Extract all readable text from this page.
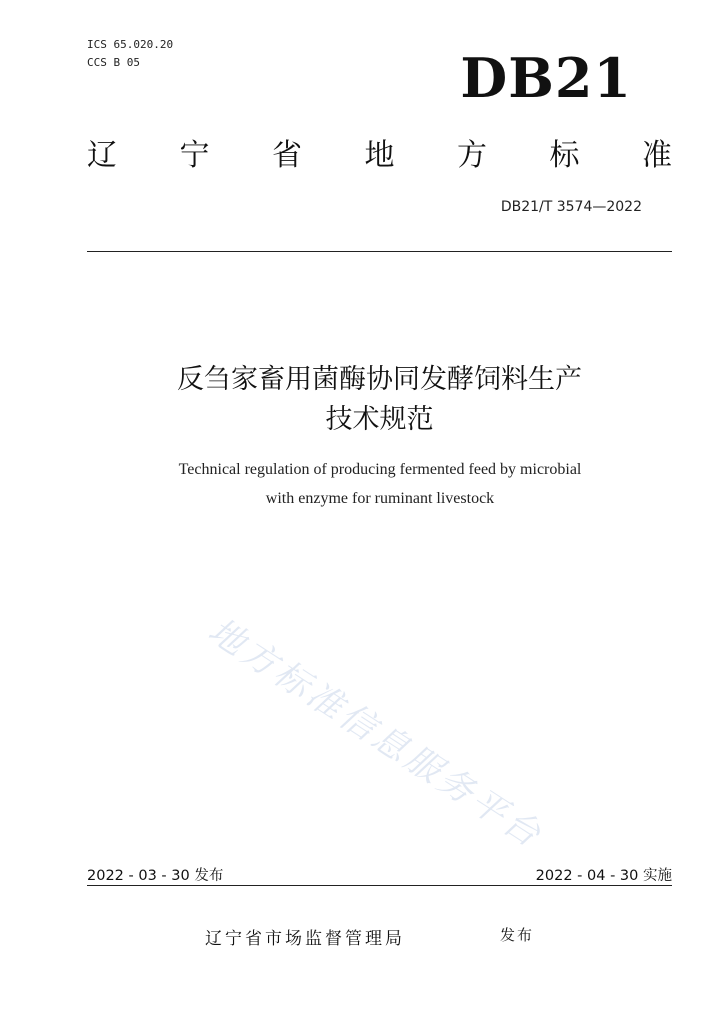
ICS 65.020.20
CCS B 05	DB21
辽 宁 省 地 方 标 准
DB21/T 3574—2022
反刍家畜用菌酶协同发酵饲料生产
技术规范
Technical regulation of producing fermented feed by microbial
with enzyme for ruminant livestock
地方标准信息服务平台
2022 - 03 - 30 发布	2022 - 04 - 30 实施
辽宁省市场监督管理局	发布
